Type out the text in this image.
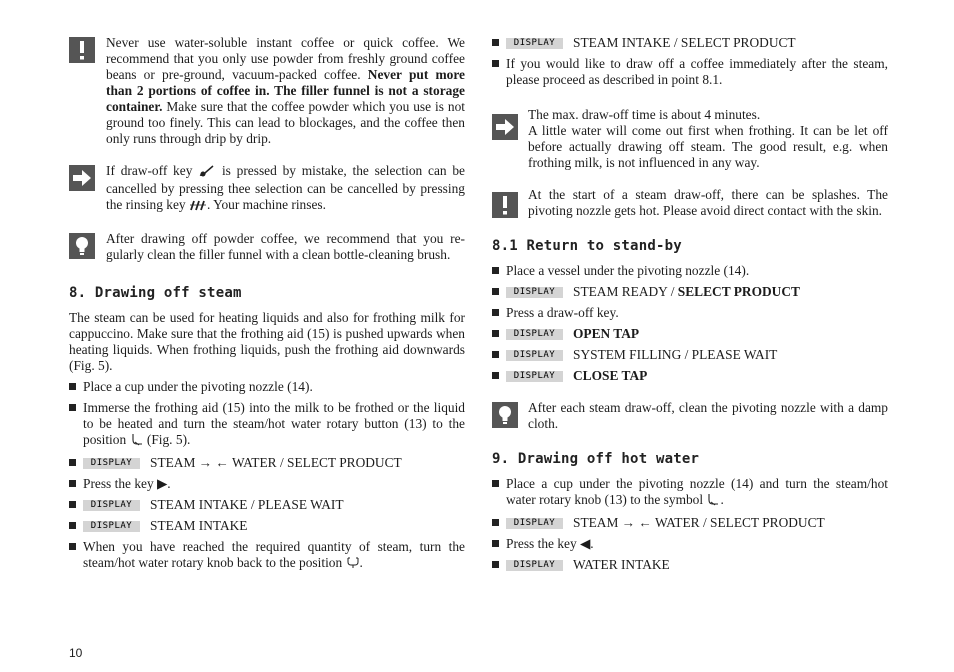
Never use water-soluble instant coffee or quick coffee. We recommend that you only use powder from freshly ground coffee beans or pre-ground, vacuum-packed coffee. Never put more than 2 portions of coffee in. The filler funnel is not a storage container. Make sure that the coffee powder which you use is not ground too finely. This can lead to blockages, and the coffee then only runs through drip by drip.

If draw-off key  is pressed by mistake, the selection can be cancelled by pressing thee selection can be cancelled by pressing the rinsing key . Your machine rinses.

After drawing off powder coffee, we recommend that you re-gularly clean the filler funnel with a clean bottle-cleaning brush.

8. Drawing off steam

The steam can be used for heating liquids and also for frothing milk for cappuccino. Make sure that the frothing aid (15) is pushed upwards when heating liquids. When frothing liquids, push the frothing aid downwards (Fig. 5).

Place a cup under the pivoting nozzle (14).
Immerse the frothing aid (15) into the milk to be frothed or the liquid to be heated and turn the steam/hot water rotary button (13) to the position  (Fig. 5).
DISPLAY	STEAM → ← WATER / SELECT PRODUCT
Press the key ▶.
DISPLAY	STEAM INTAKE / PLEASE WAIT
DISPLAY	STEAM INTAKE
When you have reached the required quantity of steam, turn the steam/hot water rotary knob back to the position .
DISPLAY	STEAM INTAKE / SELECT PRODUCT
If you would like to draw off a coffee immediately after the steam, please proceed as described in point 8.1.

The max. draw-off time is about 4 minutes.

A little water will come out first when frothing. It can be let off before actually drawing off steam. The good result, e.g. when frothing milk, is not influenced in any way.

At the start of a steam draw-off, there can be splashes. The pivoting nozzle gets hot. Please avoid direct contact with the skin.

8.1 Return to stand-by
Place a vessel under the pivoting nozzle (14).
DISPLAY	STEAM READY / SELECT PRODUCT
Press a draw-off key.
DISPLAY	OPEN TAP
DISPLAY	SYSTEM FILLING / PLEASE WAIT
DISPLAY	CLOSE TAP

After each steam draw-off, clean the pivoting nozzle with a damp cloth.

9. Drawing off hot water
Place a cup under the pivoting nozzle (14) and turn the steam/hot water rotary knob (13) to the symbol .
DISPLAY	STEAM → ← WATER / SELECT PRODUCT
Press the key ◀.
DISPLAY	WATER INTAKE
10
